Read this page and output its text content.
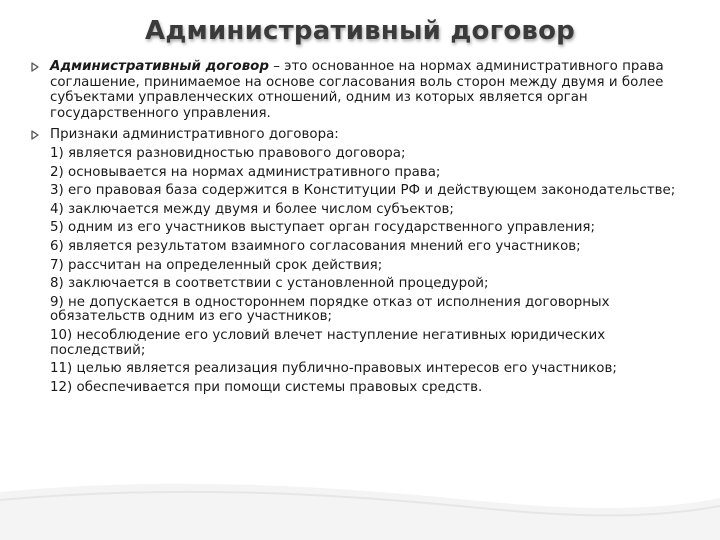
Административный договор
Административный договор – это основанное на нормах административного права соглашение, принимаемое на основе согласования воль сторон между двумя и более субъектами управленческих отношений, одним из которых является орган государственного управления.
Признаки административного договора:
1) является разновидностью правового договора;
2) основывается на нормах административного права;
3) его правовая база содержится в Конституции РФ и действующем законодательстве;
4) заключается между двумя и более числом субъектов;
5) одним из его участников выступает орган государственного управления;
6) является результатом взаимного согласования мнений его участников;
7) рассчитан на определенный срок действия;
8) заключается в соответствии с установленной процедурой;
9) не допускается в одностороннем порядке отказ от исполнения договорных обязательств одним из его участников;
10) несоблюдение его условий влечет наступление негативных юридических последствий;
11) целью является реализация публично-правовых интересов его участников;
12) обеспечивается при помощи системы правовых средств.
